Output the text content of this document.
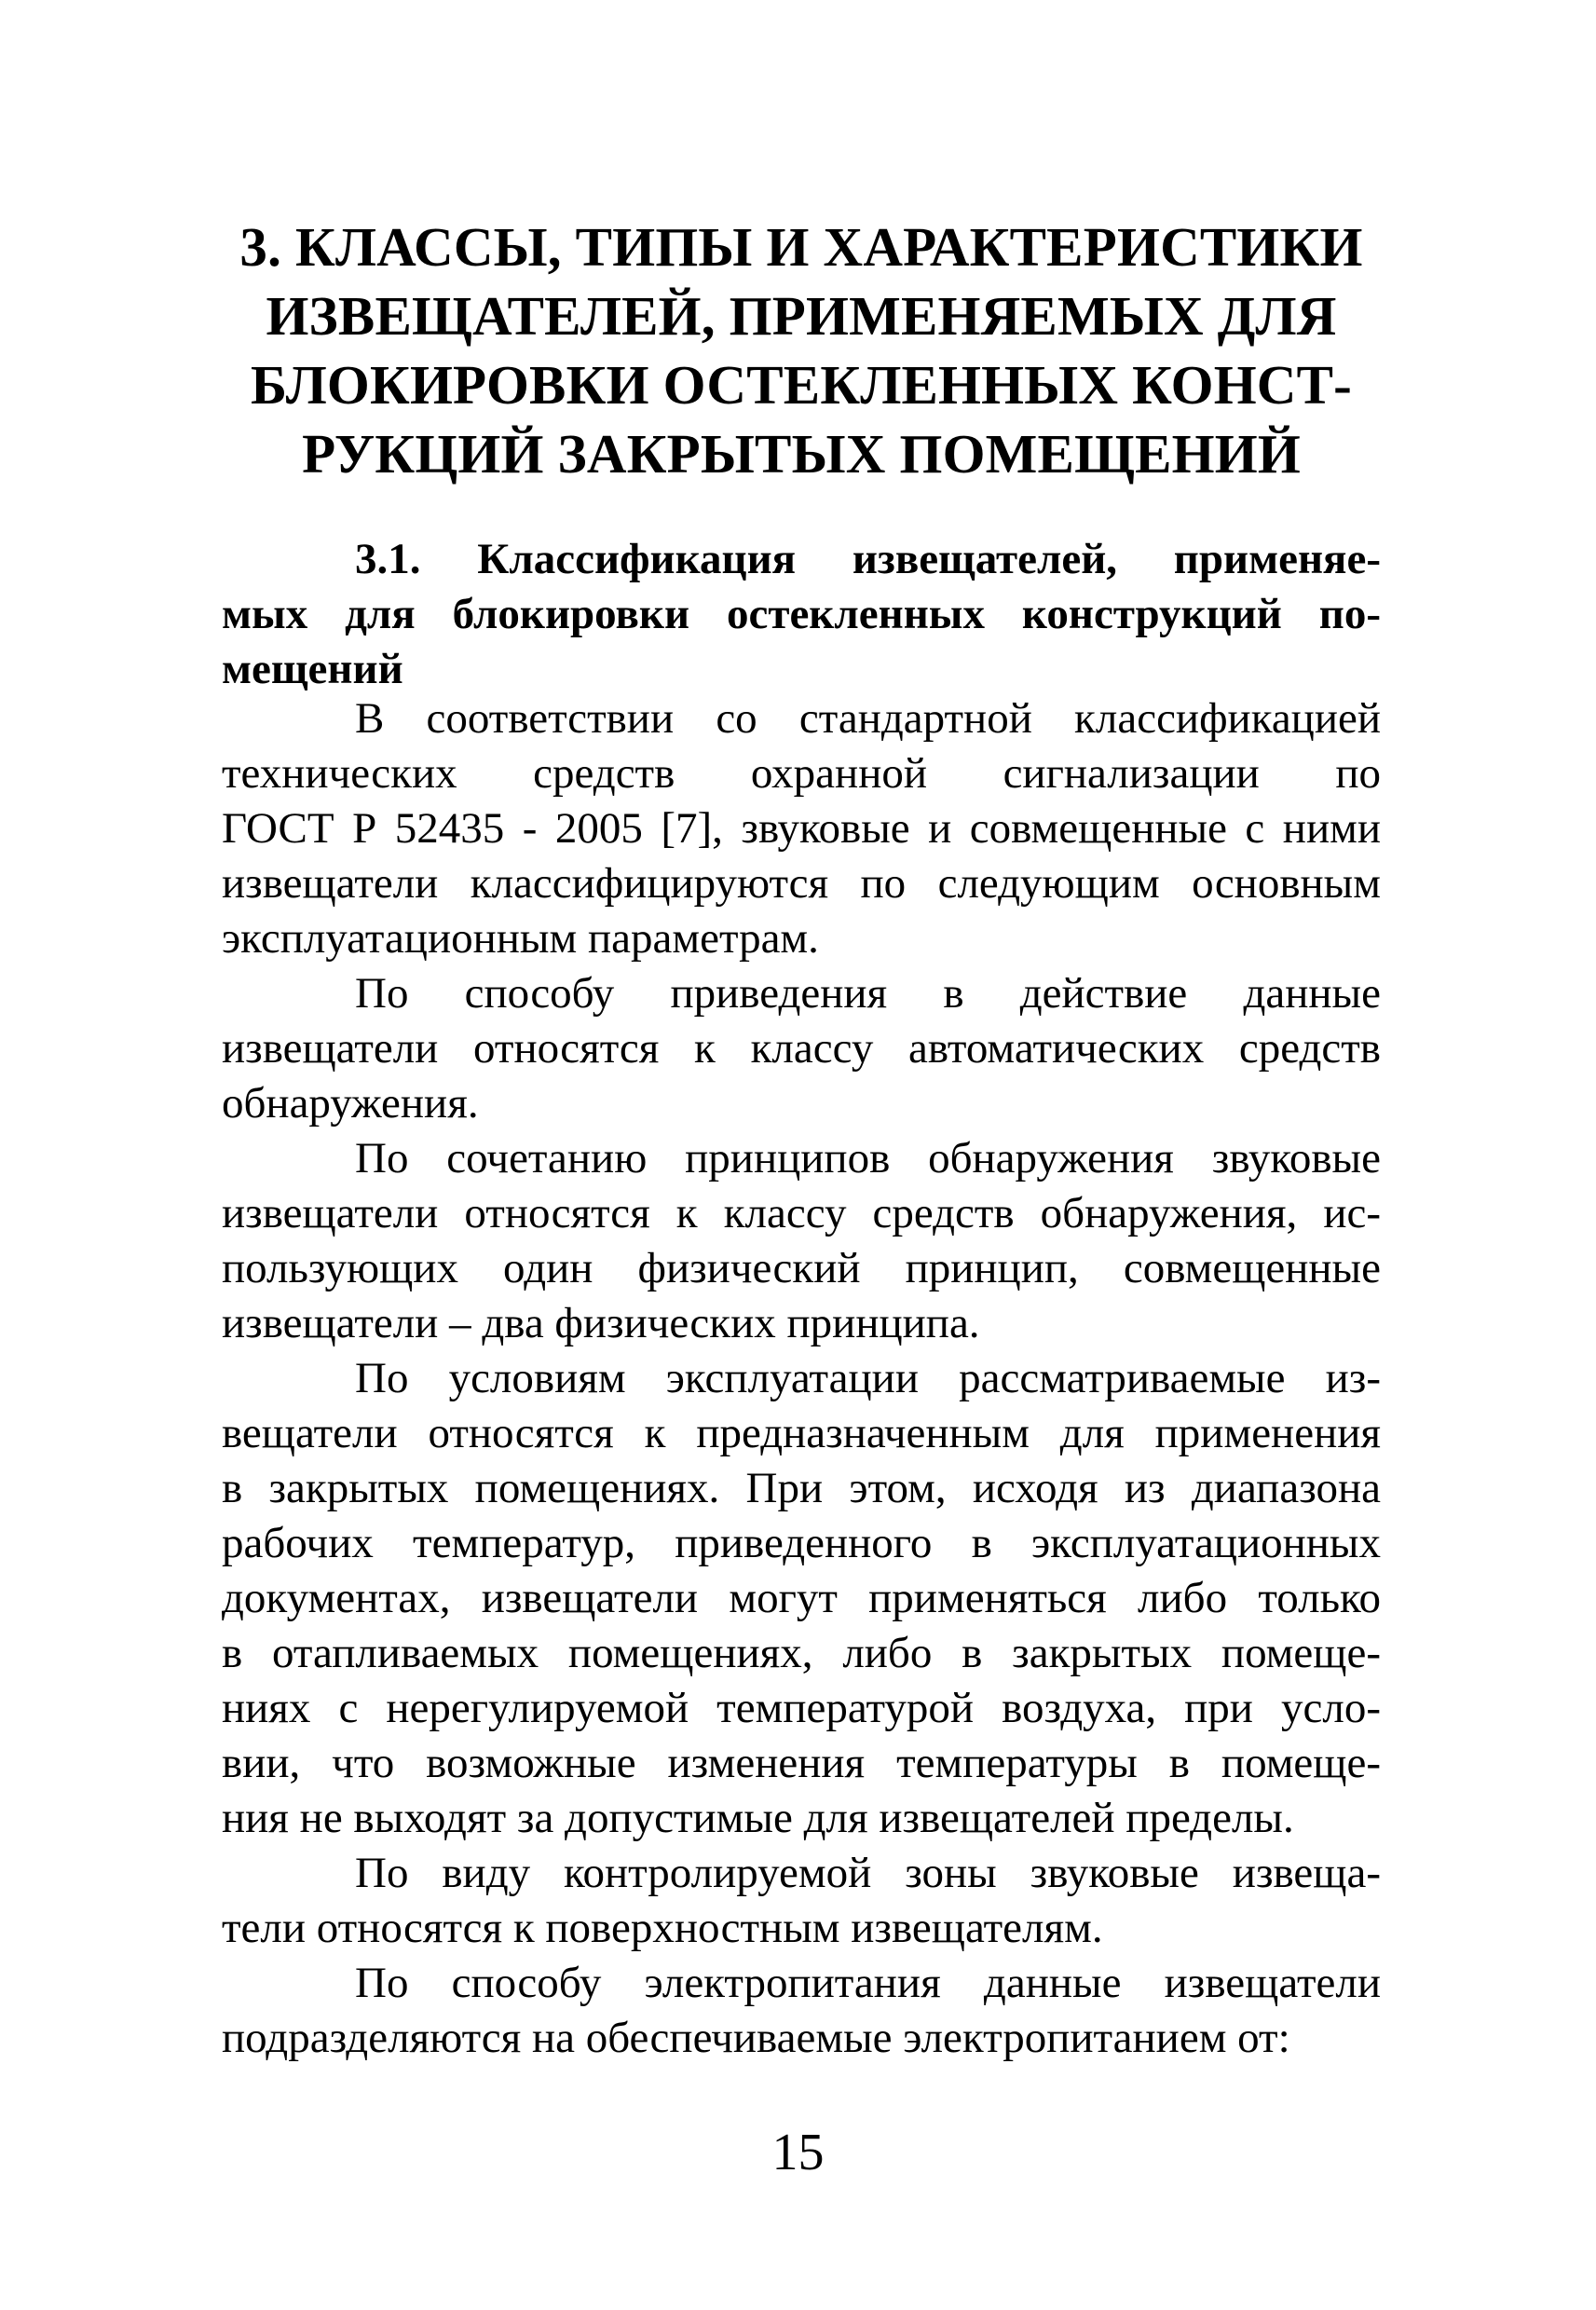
3. КЛАССЫ, ТИПЫ И ХАРАКТЕРИСТИКИ
ИЗВЕЩАТЕЛЕЙ, ПРИМЕНЯЕМЫХ ДЛЯ
БЛОКИРОВКИ ОСТЕКЛЕННЫХ КОНСТ-
РУКЦИЙ ЗАКРЫТЫХ ПОМЕЩЕНИЙ
3.1. Классификация извещателей, применяе-
мых для блокировки остекленных конструкций по-
мещений

В соответствии со стандартной классификацией
технических средств охранной сигнализации по
ГОСТ Р 52435 - 2005 [7], звуковые и совмещенные с ними
извещатели классифицируются по следующим основным
эксплуатационным параметрам.

По способу приведения в действие данные
извещатели относятся к классу автоматических средств
обнаружения.

По сочетанию принципов обнаружения звуковые
извещатели относятся к классу средств обнаружения, ис-
пользующих один физический принцип, совмещенные
извещатели – два физических принципа.

По условиям эксплуатации рассматриваемые из-
вещатели относятся к предназначенным для применения
в закрытых помещениях. При этом, исходя из диапазона
рабочих температур, приведенного в эксплуатационных
документах, извещатели могут применяться либо только
в отапливаемых помещениях, либо в закрытых помеще-
ниях с нерегулируемой температурой воздуха, при усло-
вии, что возможные изменения температуры в помеще-
ния не выходят за допустимые для извещателей пределы.

По виду контролируемой зоны звуковые извеща-
тели относятся к поверхностным извещателям.

По способу электропитания данные извещатели
подразделяются на обеспечиваемые электропитанием от:

15
